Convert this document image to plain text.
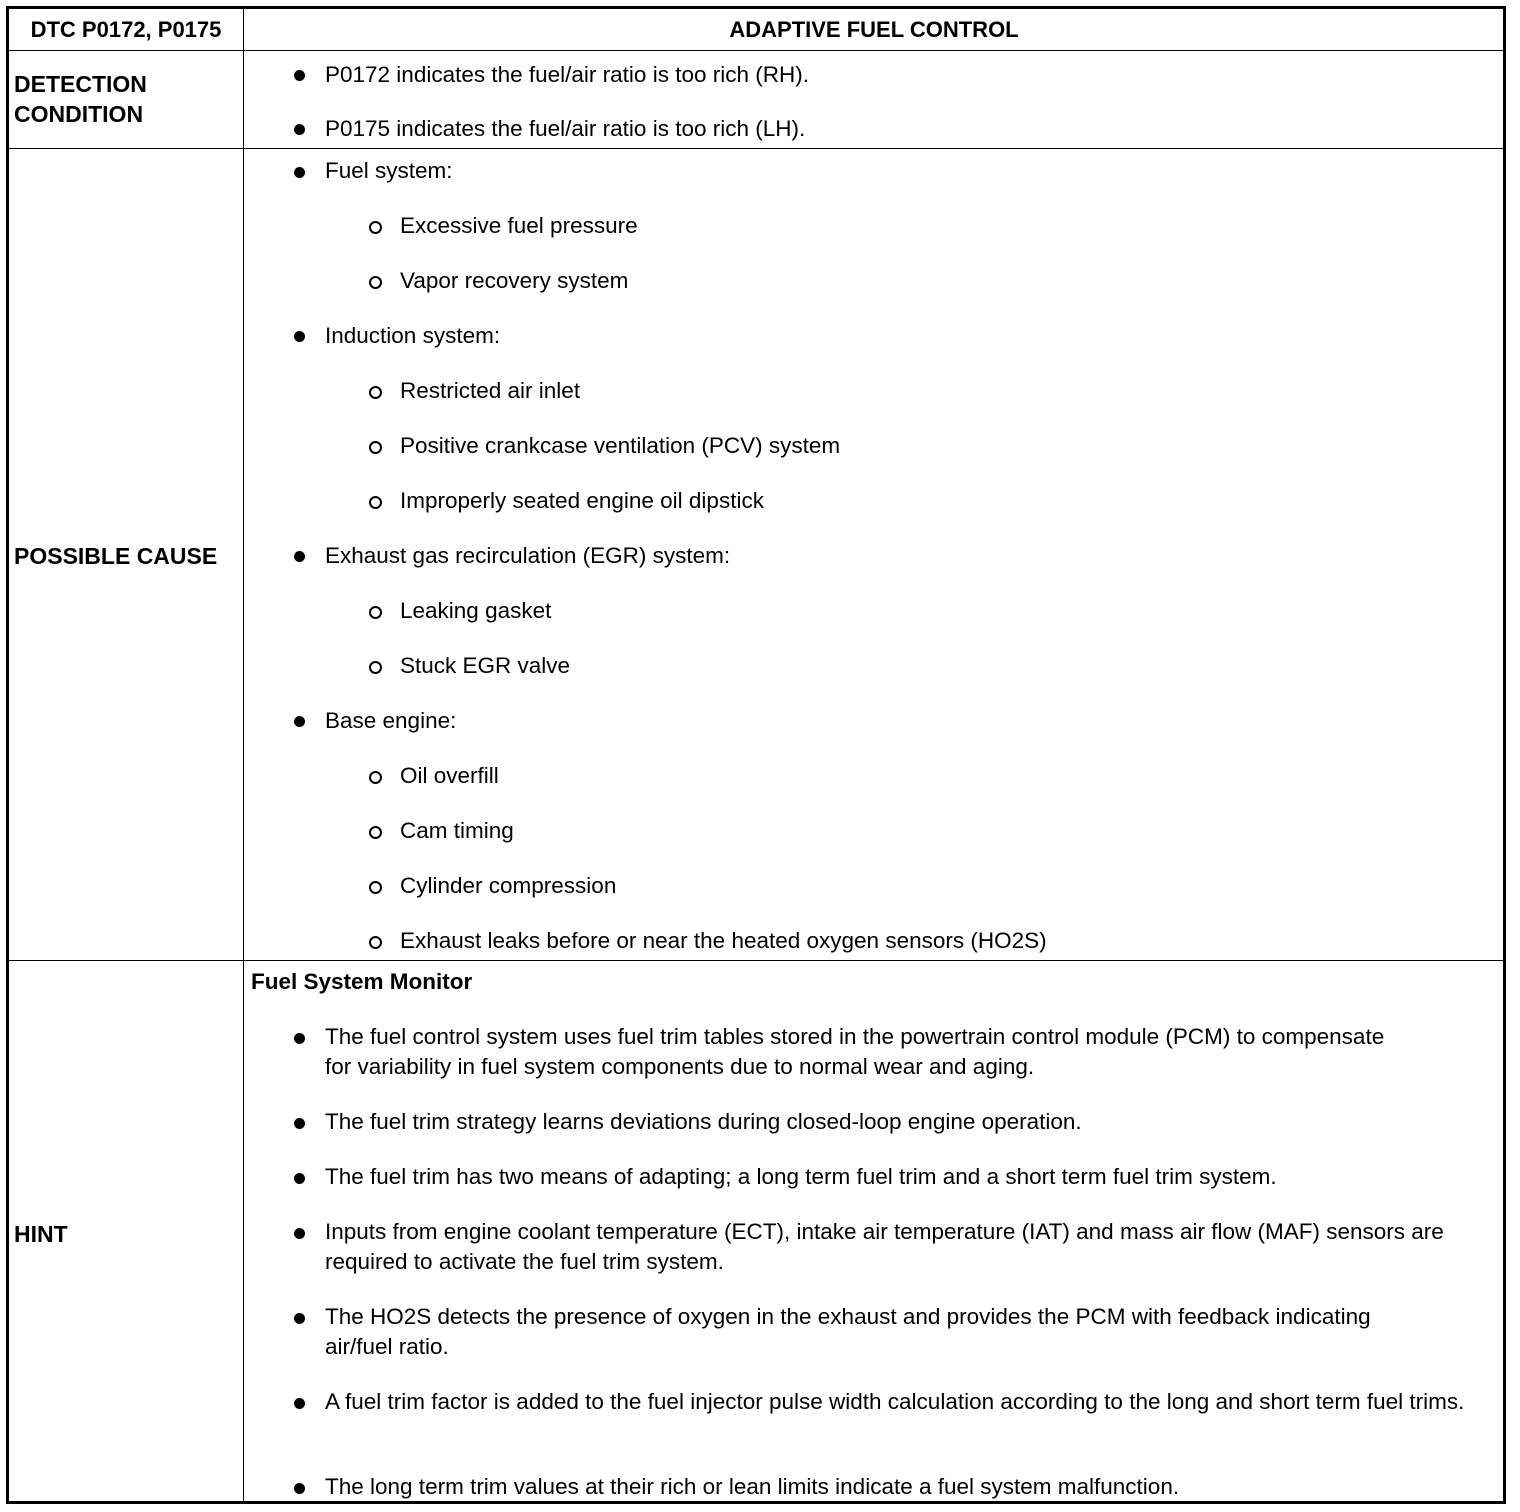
DTC P0172, P0175	ADAPTIVE FUEL CONTROL
DETECTION
CONDITION
P0172 indicates the fuel/air ratio is too rich (RH).
P0175 indicates the fuel/air ratio is too rich (LH).
POSSIBLE CAUSE
Fuel system:
Excessive fuel pressure
Vapor recovery system
Induction system:
Restricted air inlet
Positive crankcase ventilation (PCV) system
Improperly seated engine oil dipstick
Exhaust gas recirculation (EGR) system:
Leaking gasket
Stuck EGR valve
Base engine:
Oil overfill
Cam timing
Cylinder compression
Exhaust leaks before or near the heated oxygen sensors (HO2S)
HINT
Fuel System Monitor
The fuel control system uses fuel trim tables stored in the powertrain control module (PCM) to compensate for variability in fuel system components due to normal wear and aging.
The fuel trim strategy learns deviations during closed-loop engine operation.
The fuel trim has two means of adapting; a long term fuel trim and a short term fuel trim system.
Inputs from engine coolant temperature (ECT), intake air temperature (IAT) and mass air flow (MAF) sensors are required to activate the fuel trim system.
The HO2S detects the presence of oxygen in the exhaust and provides the PCM with feedback indicating air/fuel ratio.
A fuel trim factor is added to the fuel injector pulse width calculation according to the long and short term fuel trims.
The long term trim values at their rich or lean limits indicate a fuel system malfunction.
